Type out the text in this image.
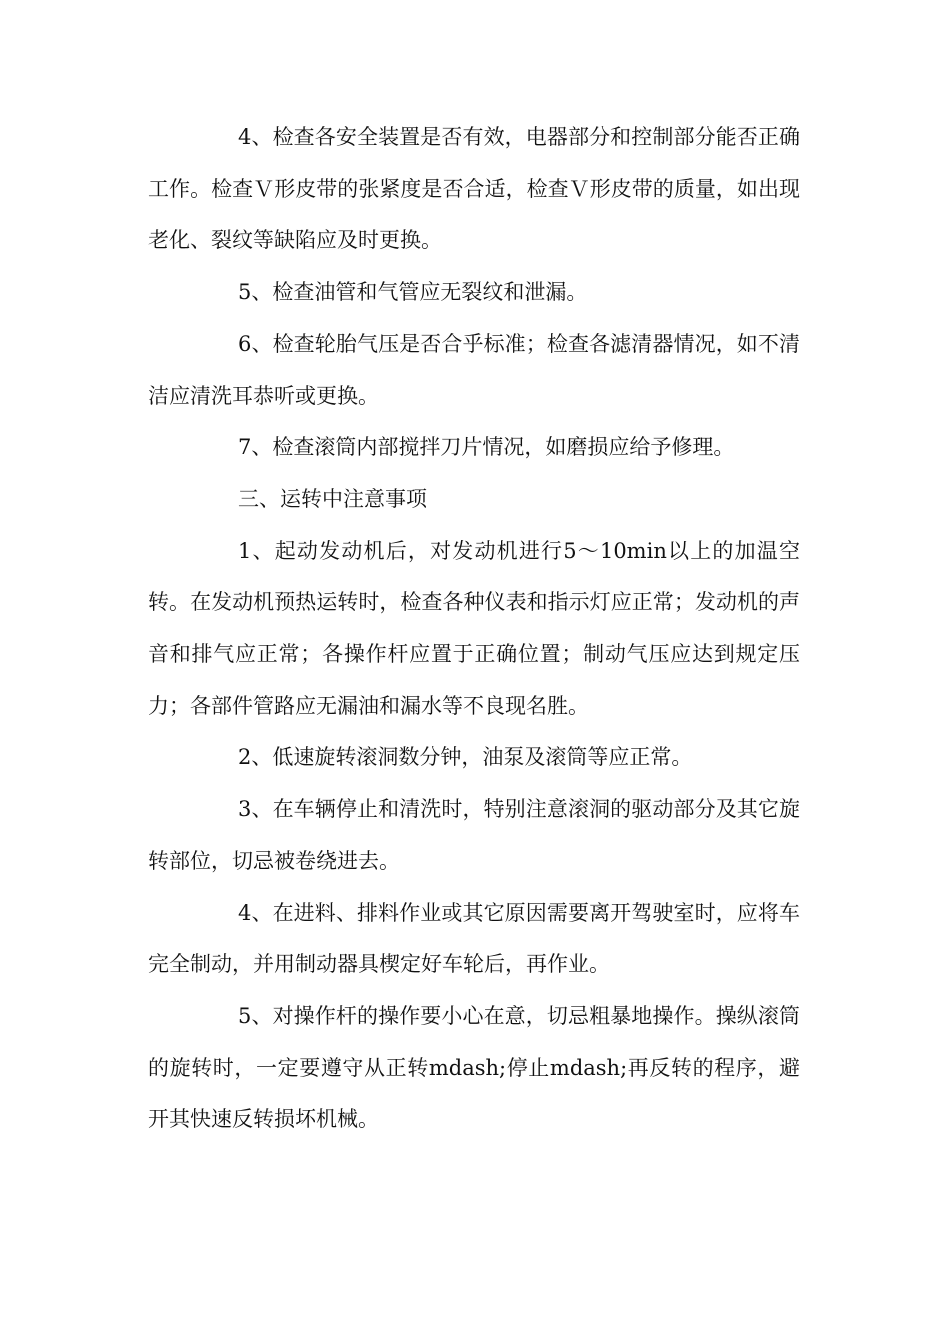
4、检查各安全装置是否有效，电器部分和控制部分能否正确工作。检查Ｖ形皮带的张紧度是否合适，检查Ｖ形皮带的质量，如出现老化、裂纹等缺陷应及时更换。

5、检查油管和气管应无裂纹和泄漏。

6、检查轮胎气压是否合乎标准；检查各滤清器情况，如不清洁应清洗耳恭听或更换。

7、检查滚筒内部搅拌刀片情况，如磨损应给予修理。

三、运转中注意事项

1、起动发动机后，对发动机进行5～10min以上的加温空转。在发动机预热运转时，检查各种仪表和指示灯应正常；发动机的声音和排气应正常；各操作杆应置于正确位置；制动气压应达到规定压力；各部件管路应无漏油和漏水等不良现名胜。

2、低速旋转滚洞数分钟，油泵及滚筒等应正常。

3、在车辆停止和清洗时，特别注意滚洞的驱动部分及其它旋转部位，切忌被卷绕进去。

4、在进料、排料作业或其它原因需要离开驾驶室时，应将车完全制动，并用制动器具楔定好车轮后，再作业。

5、对操作杆的操作要小心在意，切忌粗暴地操作。操纵滚筒的旋转时，一定要遵守从正转mdash;停止mdash;再反转的程序，避开其快速反转损坏机械。
